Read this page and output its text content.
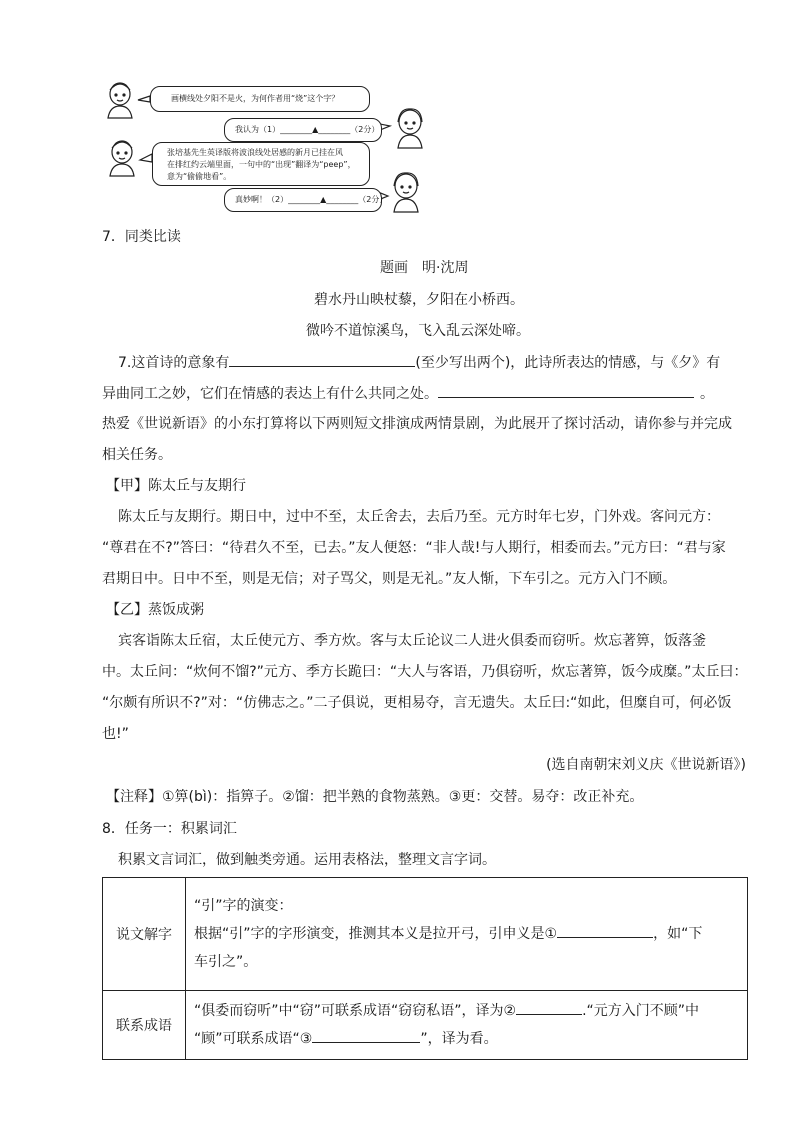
画横线处夕阳不是火，为何作者用“烧”这个字？
我认为（1）________▲________（2分）
张培基先生英译版将波浪线处居感的新月已挂在风
在排红约云端里面，一句中的“出现”翻译为“peep”，
意为“偷偷地看”。
真妙啊！（2）________▲________（2分）
7．同类比读
题画　明·沈周
碧水丹山映杖藜，夕阳在小桥西。
微吟不道惊溪鸟，飞入乱云深处啼。
7.这首诗的意象有	(至少写出两个)，此诗所表达的情感，与《夕》有
异曲同工之妙，它们在情感的表达上有什么共同之处。	。
热爱《世说新语》的小东打算将以下两则短文排演成两情景剧，为此展开了探讨活动，请你参与并完成
相关任务。
【甲】陈太丘与友期行
陈太丘与友期行。期日中，过中不至，太丘舍去，去后乃至。元方时年七岁，门外戏。客问元方：
“尊君在不?”答曰：“待君久不至，已去。”友人便怒：“非人哉!与人期行，相委而去。”元方曰：“君与家
君期日中。日中不至，则是无信；对子骂父，则是无礼。”友人惭，下车引之。元方入门不顾。
【乙】蒸饭成粥
宾客诣陈太丘宿，太丘使元方、季方炊。客与太丘论议二人进火俱委而窃听。炊忘著箅，饭落釜
中。太丘问：“炊何不馏?”元方、季方长跪曰：“大人与客语，乃俱窃听，炊忘著箅，饭今成糜。”太丘曰：
“尔颇有所识不?”对：“仿佛志之。”二子俱说，更相易夺，言无遗失。太丘曰:“如此，但糜自可，何必饭
也!”
(选自南朝宋刘义庆《世说新语》)
【注释】①箅(bì)：指箅子。②馏：把半熟的食物蒸熟。③更：交替。易夺：改正补充。
8．任务一：积累词汇
积累文言词汇，做到触类旁通。运用表格法，整理文言字词。
说文解字	“引”字的演变：
根据“引”字的字形演变，推测其本义是拉开弓，引申义是① ，如“下
车引之”。

联系成语	“俱委而窃听”中“窃”可联系成语“窃窃私语”，译为② .“元方入门不顾”中
“顾”可联系成语“③ ”，译为看。
